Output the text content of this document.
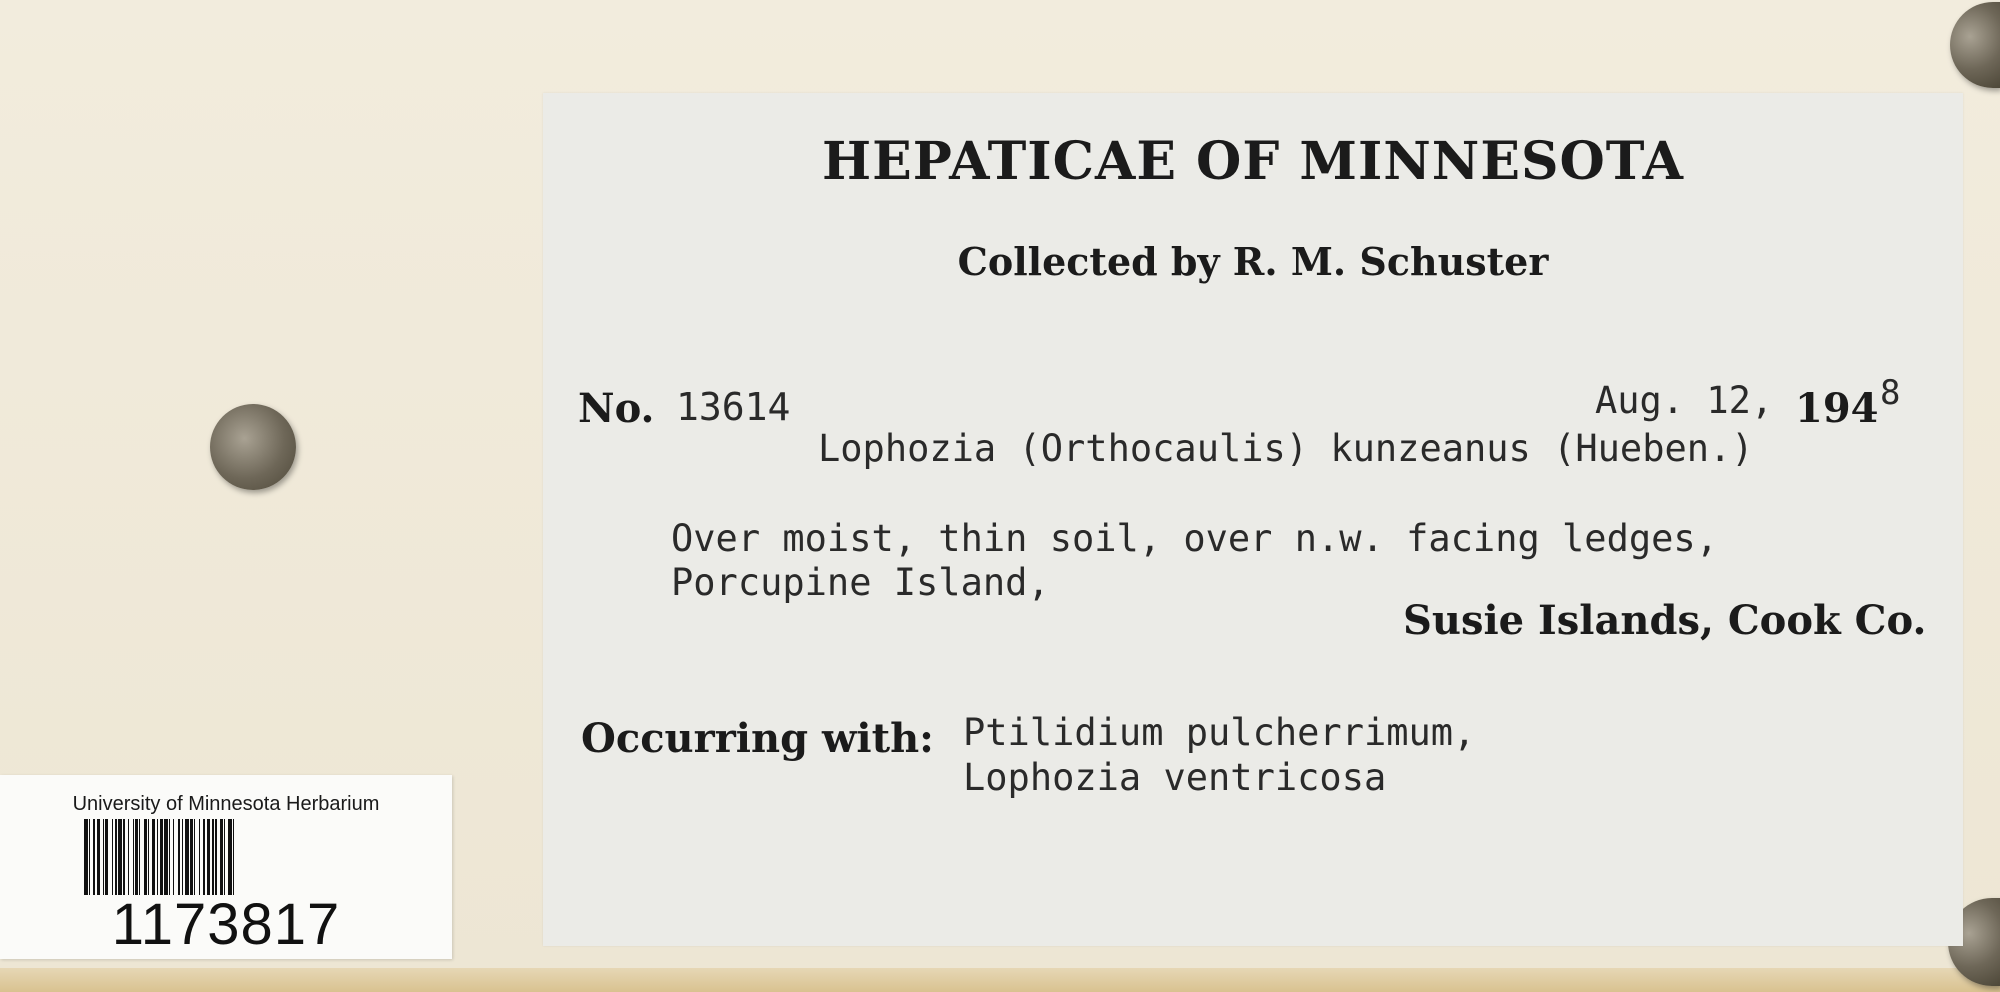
HEPATICAE OF MINNESOTA
Collected by R. M. Schuster
No. 13614	Aug. 12, 194 8
Lophozia (Orthocaulis) kunzeanus (Hueben.)
Over moist, thin soil, over n.w. facing ledges,
Porcupine Island,
Susie Islands, Cook Co.
Occurring with: Ptilidium pulcherrimum,
Lophozia ventricosa
University of Minnesota Herbarium
1173817
